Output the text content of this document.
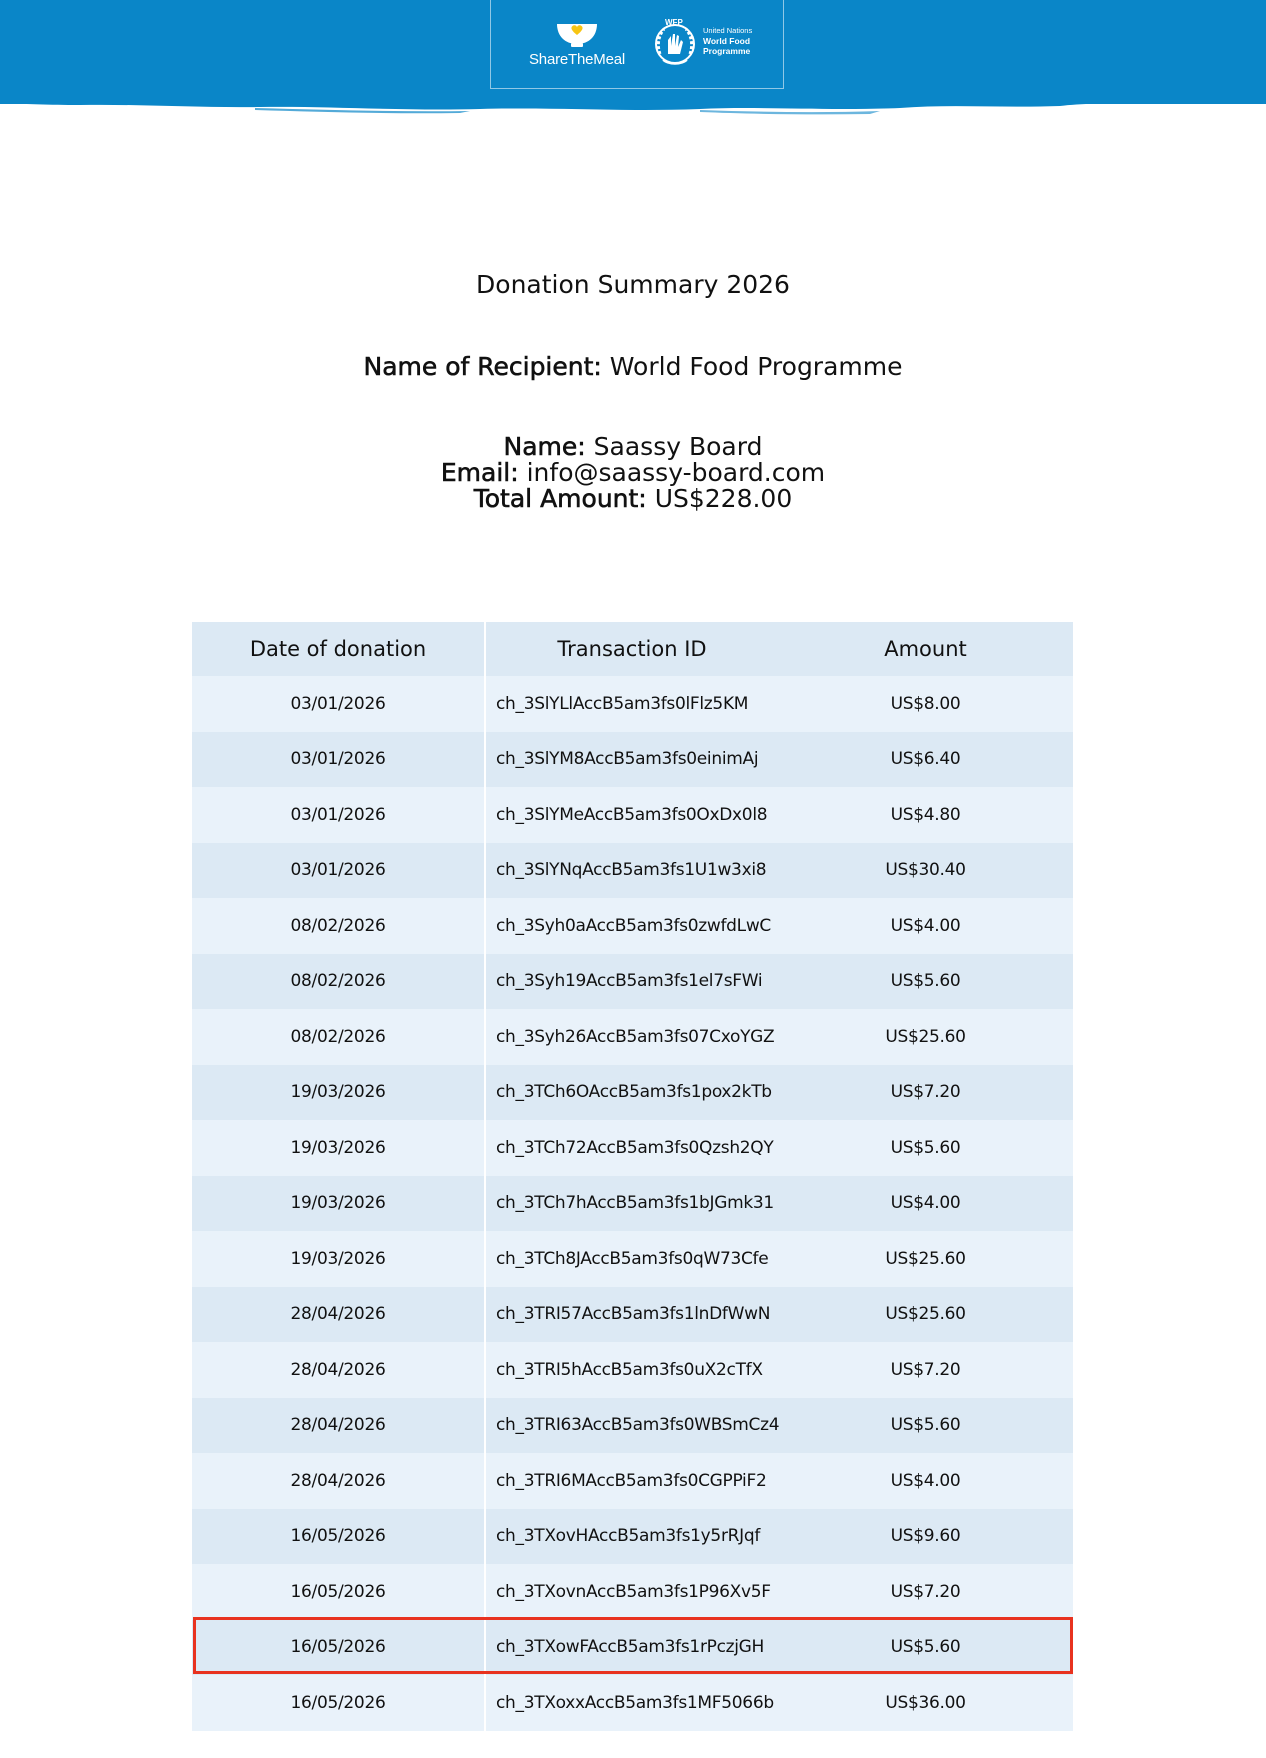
ShareTheMeal
WFP
United Nations
World Food
Programme
Donation Summary 2026
Name of Recipient: World Food Programme
Name: Saassy Board
Email: info@saassy-board.com
Total Amount: US$228.00
Date of donation	Transaction ID	Amount
03/01/2026	ch_3SlYLlAccB5am3fs0lFlz5KM	US$8.00
03/01/2026	ch_3SlYM8AccB5am3fs0einimAj	US$6.40
03/01/2026	ch_3SlYMeAccB5am3fs0OxDx0l8	US$4.80
03/01/2026	ch_3SlYNqAccB5am3fs1U1w3xi8	US$30.40
08/02/2026	ch_3Syh0aAccB5am3fs0zwfdLwC	US$4.00
08/02/2026	ch_3Syh19AccB5am3fs1el7sFWi	US$5.60
08/02/2026	ch_3Syh26AccB5am3fs07CxoYGZ	US$25.60
19/03/2026	ch_3TCh6OAccB5am3fs1pox2kTb	US$7.20
19/03/2026	ch_3TCh72AccB5am3fs0Qzsh2QY	US$5.60
19/03/2026	ch_3TCh7hAccB5am3fs1bJGmk31	US$4.00
19/03/2026	ch_3TCh8JAccB5am3fs0qW73Cfe	US$25.60
28/04/2026	ch_3TRI57AccB5am3fs1lnDfWwN	US$25.60
28/04/2026	ch_3TRI5hAccB5am3fs0uX2cTfX	US$7.20
28/04/2026	ch_3TRI63AccB5am3fs0WBSmCz4	US$5.60
28/04/2026	ch_3TRI6MAccB5am3fs0CGPPiF2	US$4.00
16/05/2026	ch_3TXovHAccB5am3fs1y5rRJqf	US$9.60
16/05/2026	ch_3TXovnAccB5am3fs1P96Xv5F	US$7.20
16/05/2026	ch_3TXowFAccB5am3fs1rPczjGH	US$5.60
16/05/2026	ch_3TXoxxAccB5am3fs1MF5066b	US$36.00
